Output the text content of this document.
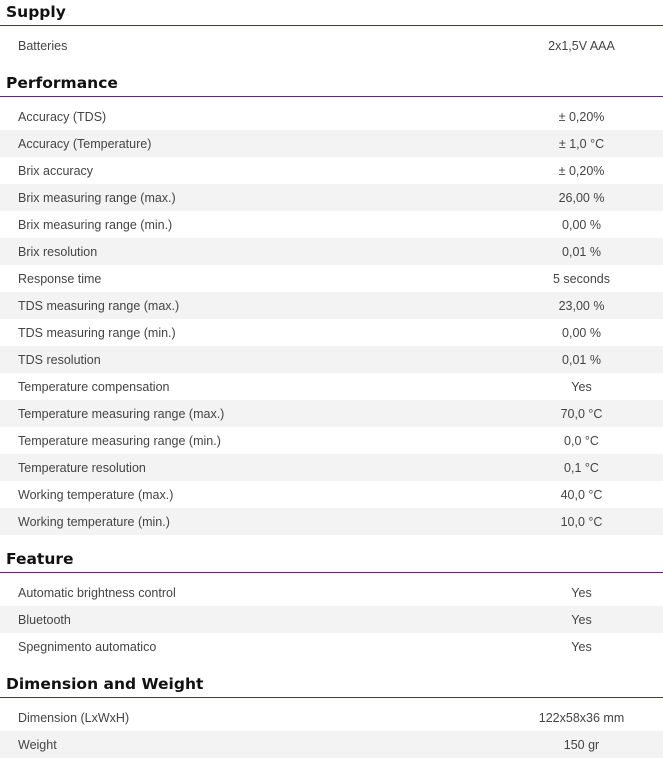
Supply
Batteries	2x1,5V AAA
Performance
Accuracy (TDS)	± 0,20%
Accuracy (Temperature)	± 1,0 °C
Brix accuracy	± 0,20%
Brix measuring range (max.)	26,00 %
Brix measuring range (min.)	0,00 %
Brix resolution	0,01 %
Response time	5 seconds
TDS measuring range (max.)	23,00 %
TDS measuring range (min.)	0,00 %
TDS resolution	0,01 %
Temperature compensation	Yes
Temperature measuring range (max.)	70,0 °C
Temperature measuring range (min.)	0,0 °C
Temperature resolution	0,1 °C
Working temperature (max.)	40,0 °C
Working temperature (min.)	10,0 °C
Feature
Automatic brightness control	Yes
Bluetooth	Yes
Spegnimento automatico	Yes
Dimension and Weight
Dimension (LxWxH)	122x58x36 mm
Weight	150 gr
